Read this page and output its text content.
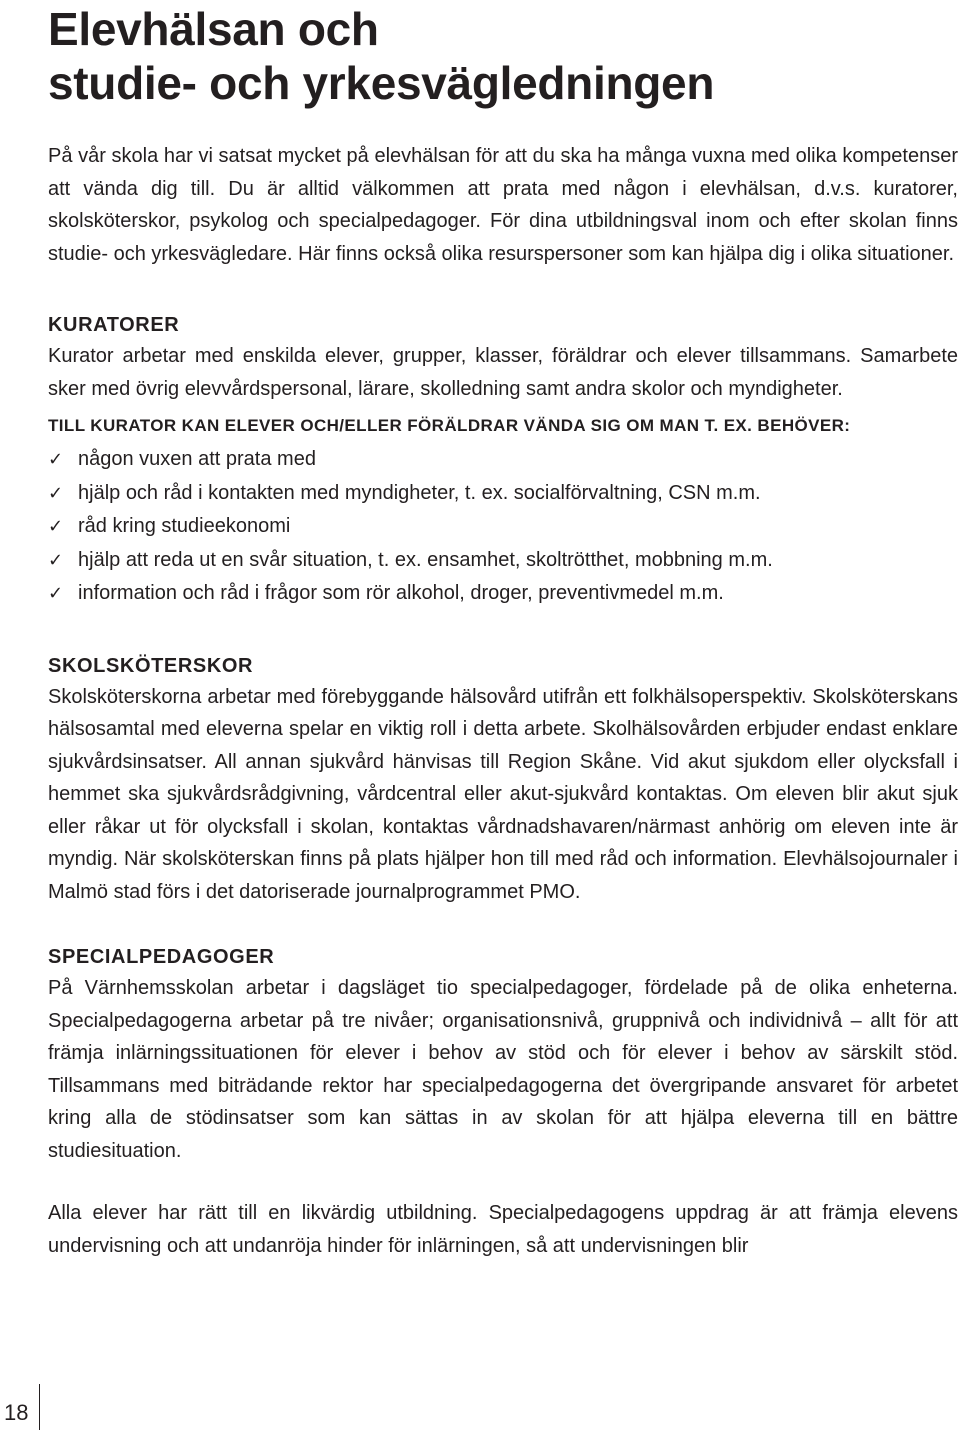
Elevhälsan och
studie- och yrkesvägledningen

På vår skola har vi satsat mycket på elevhälsan för att du ska ha många vuxna med olika kompetenser att vända dig till. Du är alltid välkommen att prata med någon i elevhälsan, d.v.s. kuratorer, skolsköterskor, psykolog och specialpedagoger. För dina utbildningsval inom och efter skolan finns studie- och yrkesvägledare. Här finns också olika resurspersoner som kan hjälpa dig i olika situationer.

KURATORER

Kurator arbetar med enskilda elever, grupper, klasser, föräldrar och elever tillsammans. Samarbete sker med övrig elevvårdspersonal, lärare, skolledning samt andra skolor och myndigheter.

TILL KURATOR KAN ELEVER OCH/ELLER FÖRÄLDRAR VÄNDA SIG OM MAN T. EX. BEHÖVER:
✓ någon vuxen att prata med
✓ hjälp och råd i kontakten med myndigheter, t. ex. socialförvaltning, CSN m.m.
✓ råd kring studieekonomi
✓ hjälp att reda ut en svår situation, t. ex. ensamhet, skoltrötthet, mobbning m.m.
✓ information och råd i frågor som rör alkohol, droger, preventivmedel m.m.
SKOLSKÖTERSKOR

Skolsköterskorna arbetar med förebyggande hälsovård utifrån ett folkhälsoperspektiv. Skolsköterskans hälsosamtal med eleverna spelar en viktig roll i detta arbete. Skolhälsovården erbjuder endast enklare sjukvårdsinsatser. All annan sjukvård hänvisas till Region Skåne. Vid akut sjukdom eller olycksfall i hemmet ska sjukvårdsrådgivning, vårdcentral eller akut-sjukvård kontaktas. Om eleven blir akut sjuk eller råkar ut för olycksfall i skolan, kontaktas vårdnadshavaren/närmast anhörig om eleven inte är myndig. När skolsköterskan finns på plats hjälper hon till med råd och information. Elevhälsojournaler i Malmö stad förs i det datoriserade journalprogrammet PMO.

SPECIALPEDAGOGER

På Värnhemsskolan arbetar i dagsläget tio specialpedagoger, fördelade på de olika enheterna. Specialpedagogerna arbetar på tre nivåer; organisationsnivå, gruppnivå och individnivå – allt för att främja inlärningssituationen för elever i behov av stöd och för elever i behov av särskilt stöd. Tillsammans med biträdande rektor har specialpedagogerna det övergripande ansvaret för arbetet kring alla de stödinsatser som kan sättas in av skolan för att hjälpa eleverna till en bättre studiesituation.

Alla elever har rätt till en likvärdig utbildning. Specialpedagogens uppdrag är att främja elevens undervisning och att undanröja hinder för inlärningen, så att undervisningen blir

18
